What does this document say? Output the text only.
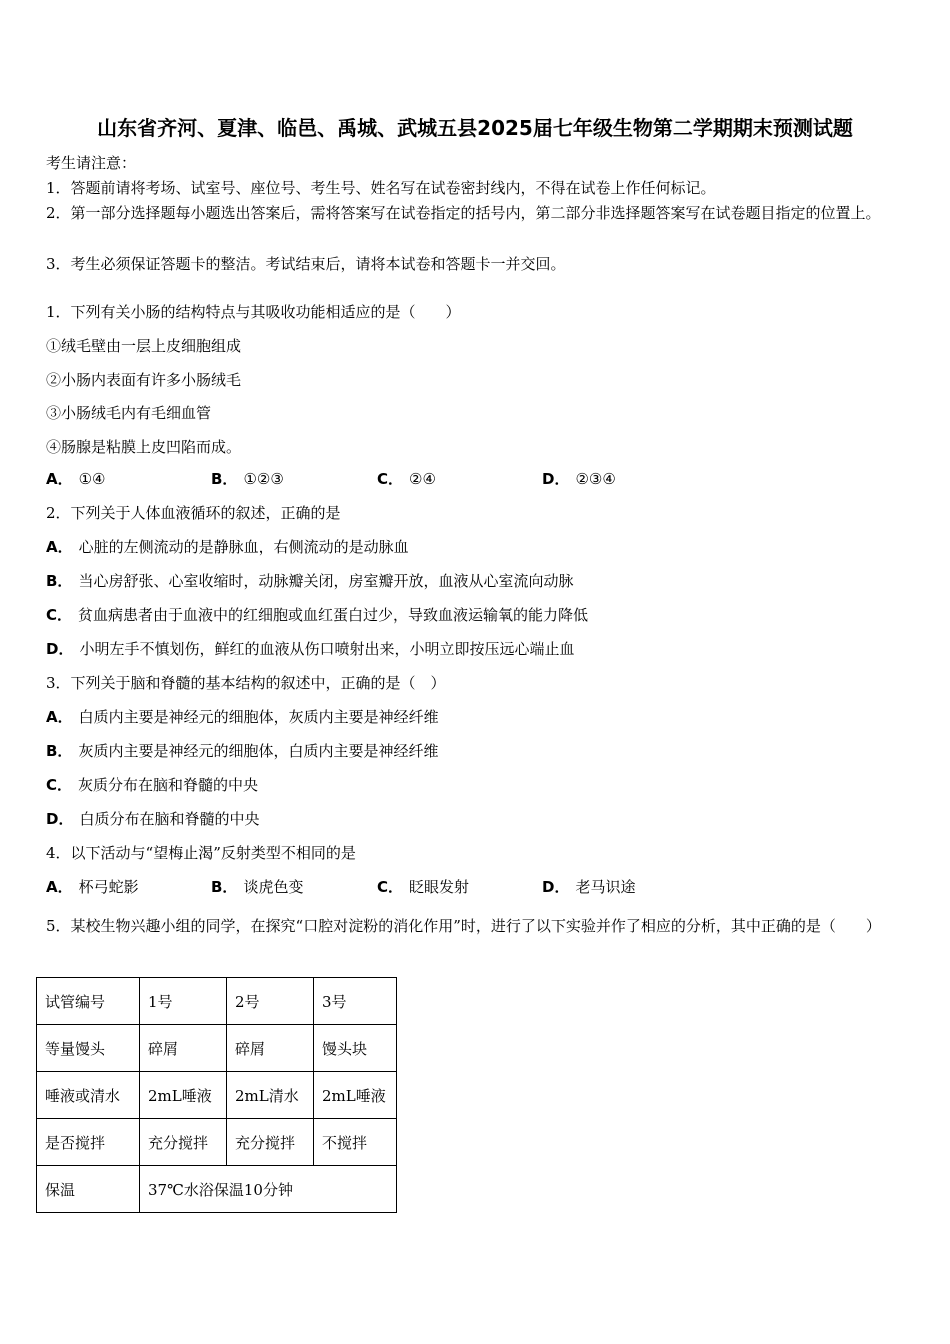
山东省齐河、夏津、临邑、禹城、武城五县2025届七年级生物第二学期期末预测试题
考生请注意：
1．答题前请将考场、试室号、座位号、考生号、姓名写在试卷密封线内，不得在试卷上作任何标记。
2．第一部分选择题每小题选出答案后，需将答案写在试卷指定的括号内，第二部分非选择题答案写在试卷题目指定的位置上。
3．考生必须保证答题卡的整洁。考试结束后，请将本试卷和答题卡一并交回。
1．下列有关小肠的结构特点与其吸收功能相适应的是（　　）
①绒毛壁由一层上皮细胞组成
②小肠内表面有许多小肠绒毛
③小肠绒毛内有毛细血管
④肠腺是粘膜上皮凹陷而成。
A． ①④	B． ①②③	C． ②④	D． ②③④
2．下列关于人体血液循环的叙述，正确的是
A． 心脏的左侧流动的是静脉血，右侧流动的是动脉血
B． 当心房舒张、心室收缩时，动脉瓣关闭，房室瓣开放，血液从心室流向动脉
C． 贫血病患者由于血液中的红细胞或血红蛋白过少，导致血液运输氧的能力降低
D． 小明左手不慎划伤，鲜红的血液从伤口喷射出来，小明立即按压远心端止血
3．下列关于脑和脊髓的基本结构的叙述中，正确的是（　）
A． 白质内主要是神经元的细胞体，灰质内主要是神经纤维
B． 灰质内主要是神经元的细胞体，白质内主要是神经纤维
C． 灰质分布在脑和脊髓的中央
D． 白质分布在脑和脊髓的中央
4．以下活动与“望梅止渴”反射类型不相同的是
A． 杯弓蛇影	B． 谈虎色变	C． 眨眼发射	D． 老马识途
5．某校生物兴趣小组的同学，在探究“口腔对淀粉的消化作用”时，进行了以下实验并作了相应的分析，其中正确的是（　　）
试管编号	1号	2号	3号
等量馒头	碎屑	碎屑	馒头块
唾液或清水	2mL唾液	2mL清水	2mL唾液
是否搅拌	充分搅拌	充分搅拌	不搅拌
保温	37℃水浴保温10分钟		
